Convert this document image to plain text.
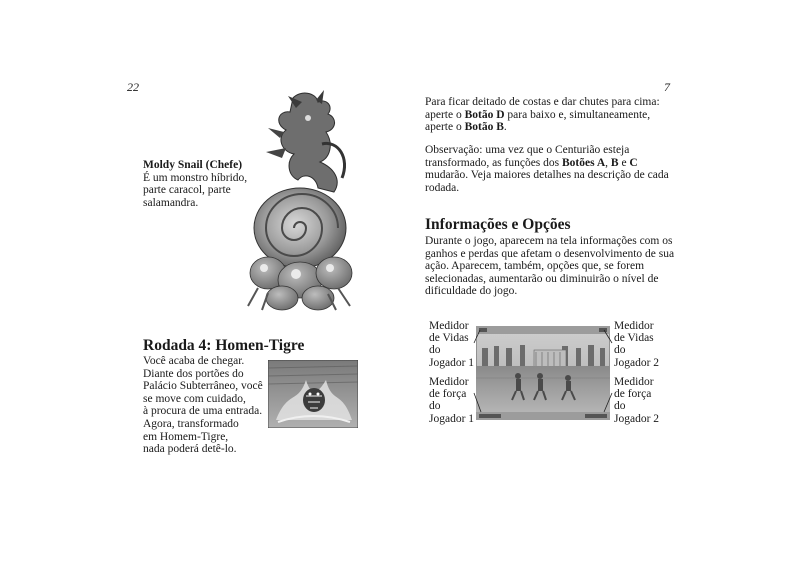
22
Moldy Snail (Chefe)
É um monstro híbrido,
parte caracol, parte
salamandra.
Rodada 4: Homen-Tigre
Você acaba de chegar.
Diante dos portões do
Palácio Subterrâneo, você
se move com cuidado,
à procura de uma entrada.
Agora, transformado
em Homem-Tigre,
nada poderá detê-lo.
7
Para ficar deitado de costas e dar chutes para cima:
aperte o Botão D para baixo e, simultaneamente,
aperte o Botão B.
Observação: uma vez que o Centurião esteja
transformado, as funções dos Botões A, B e C
mudarão. Veja maiores detalhes na descrição de cada
rodada.
Informações e Opções
Durante o jogo, aparecem na tela informações com os
ganhos e perdas que afetam o desenvolvimento de sua
ação. Aparecem, também, opções que, se forem
selecionadas, aumentarão ou diminuirão o nível de
dificuldade do jogo.
Medidor
de Vidas
do
Jogador 1
Medidor
de força
do
Jogador 1
Medidor
de Vidas
do
Jogador 2
Medidor
de força
do
Jogador 2
